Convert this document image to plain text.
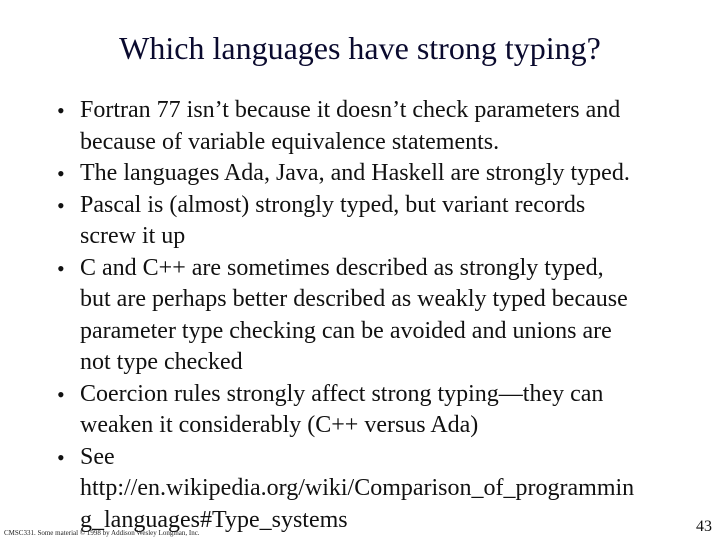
Which languages have strong typing?
• Fortran 77 isn’t because it doesn’t check parameters and
because of variable equivalence statements.
• The languages Ada, Java, and Haskell are strongly typed.
• Pascal is (almost) strongly typed, but variant records
screw it up
• C and C++ are sometimes described as strongly typed,
but are perhaps better described as weakly typed because
parameter type checking can be avoided and unions are
not type checked
• Coercion rules strongly affect strong typing—they can
weaken it considerably (C++ versus Ada)
• See
http://en.wikipedia.org/wiki/Comparison_of_programmin
g_languages#Type_systems
CMSC331. Some material © 1998 by Addison Wesley Longman, Inc.	43
